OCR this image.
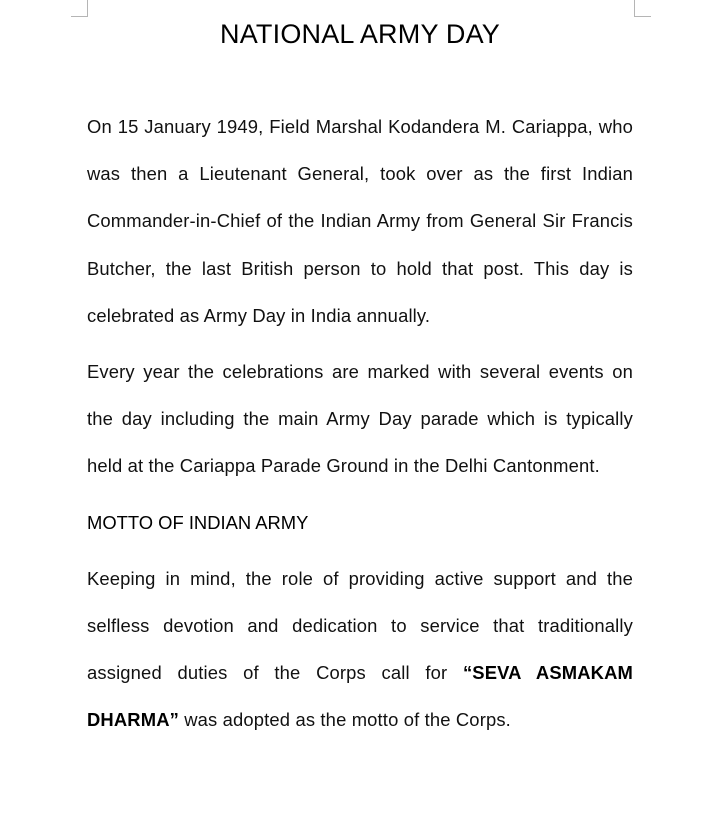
NATIONAL ARMY DAY

On 15 January 1949, Field Marshal Kodandera M. Cariappa, who was then a Lieutenant General, took over as the first Indian Commander-in-Chief of the Indian Army from General Sir Francis Butcher, the last British person to hold that post. This day is celebrated as Army Day in India annually.

Every year the celebrations are marked with several events on the day including the main Army Day parade which is typically held at the Cariappa Parade Ground in the Delhi Cantonment.

MOTTO OF INDIAN ARMY

Keeping in mind, the role of providing active support and the selfless devotion and dedication to service that traditionally assigned duties of the Corps call for “SEVA ASMAKAM DHARMA” was adopted as the motto of the Corps.
